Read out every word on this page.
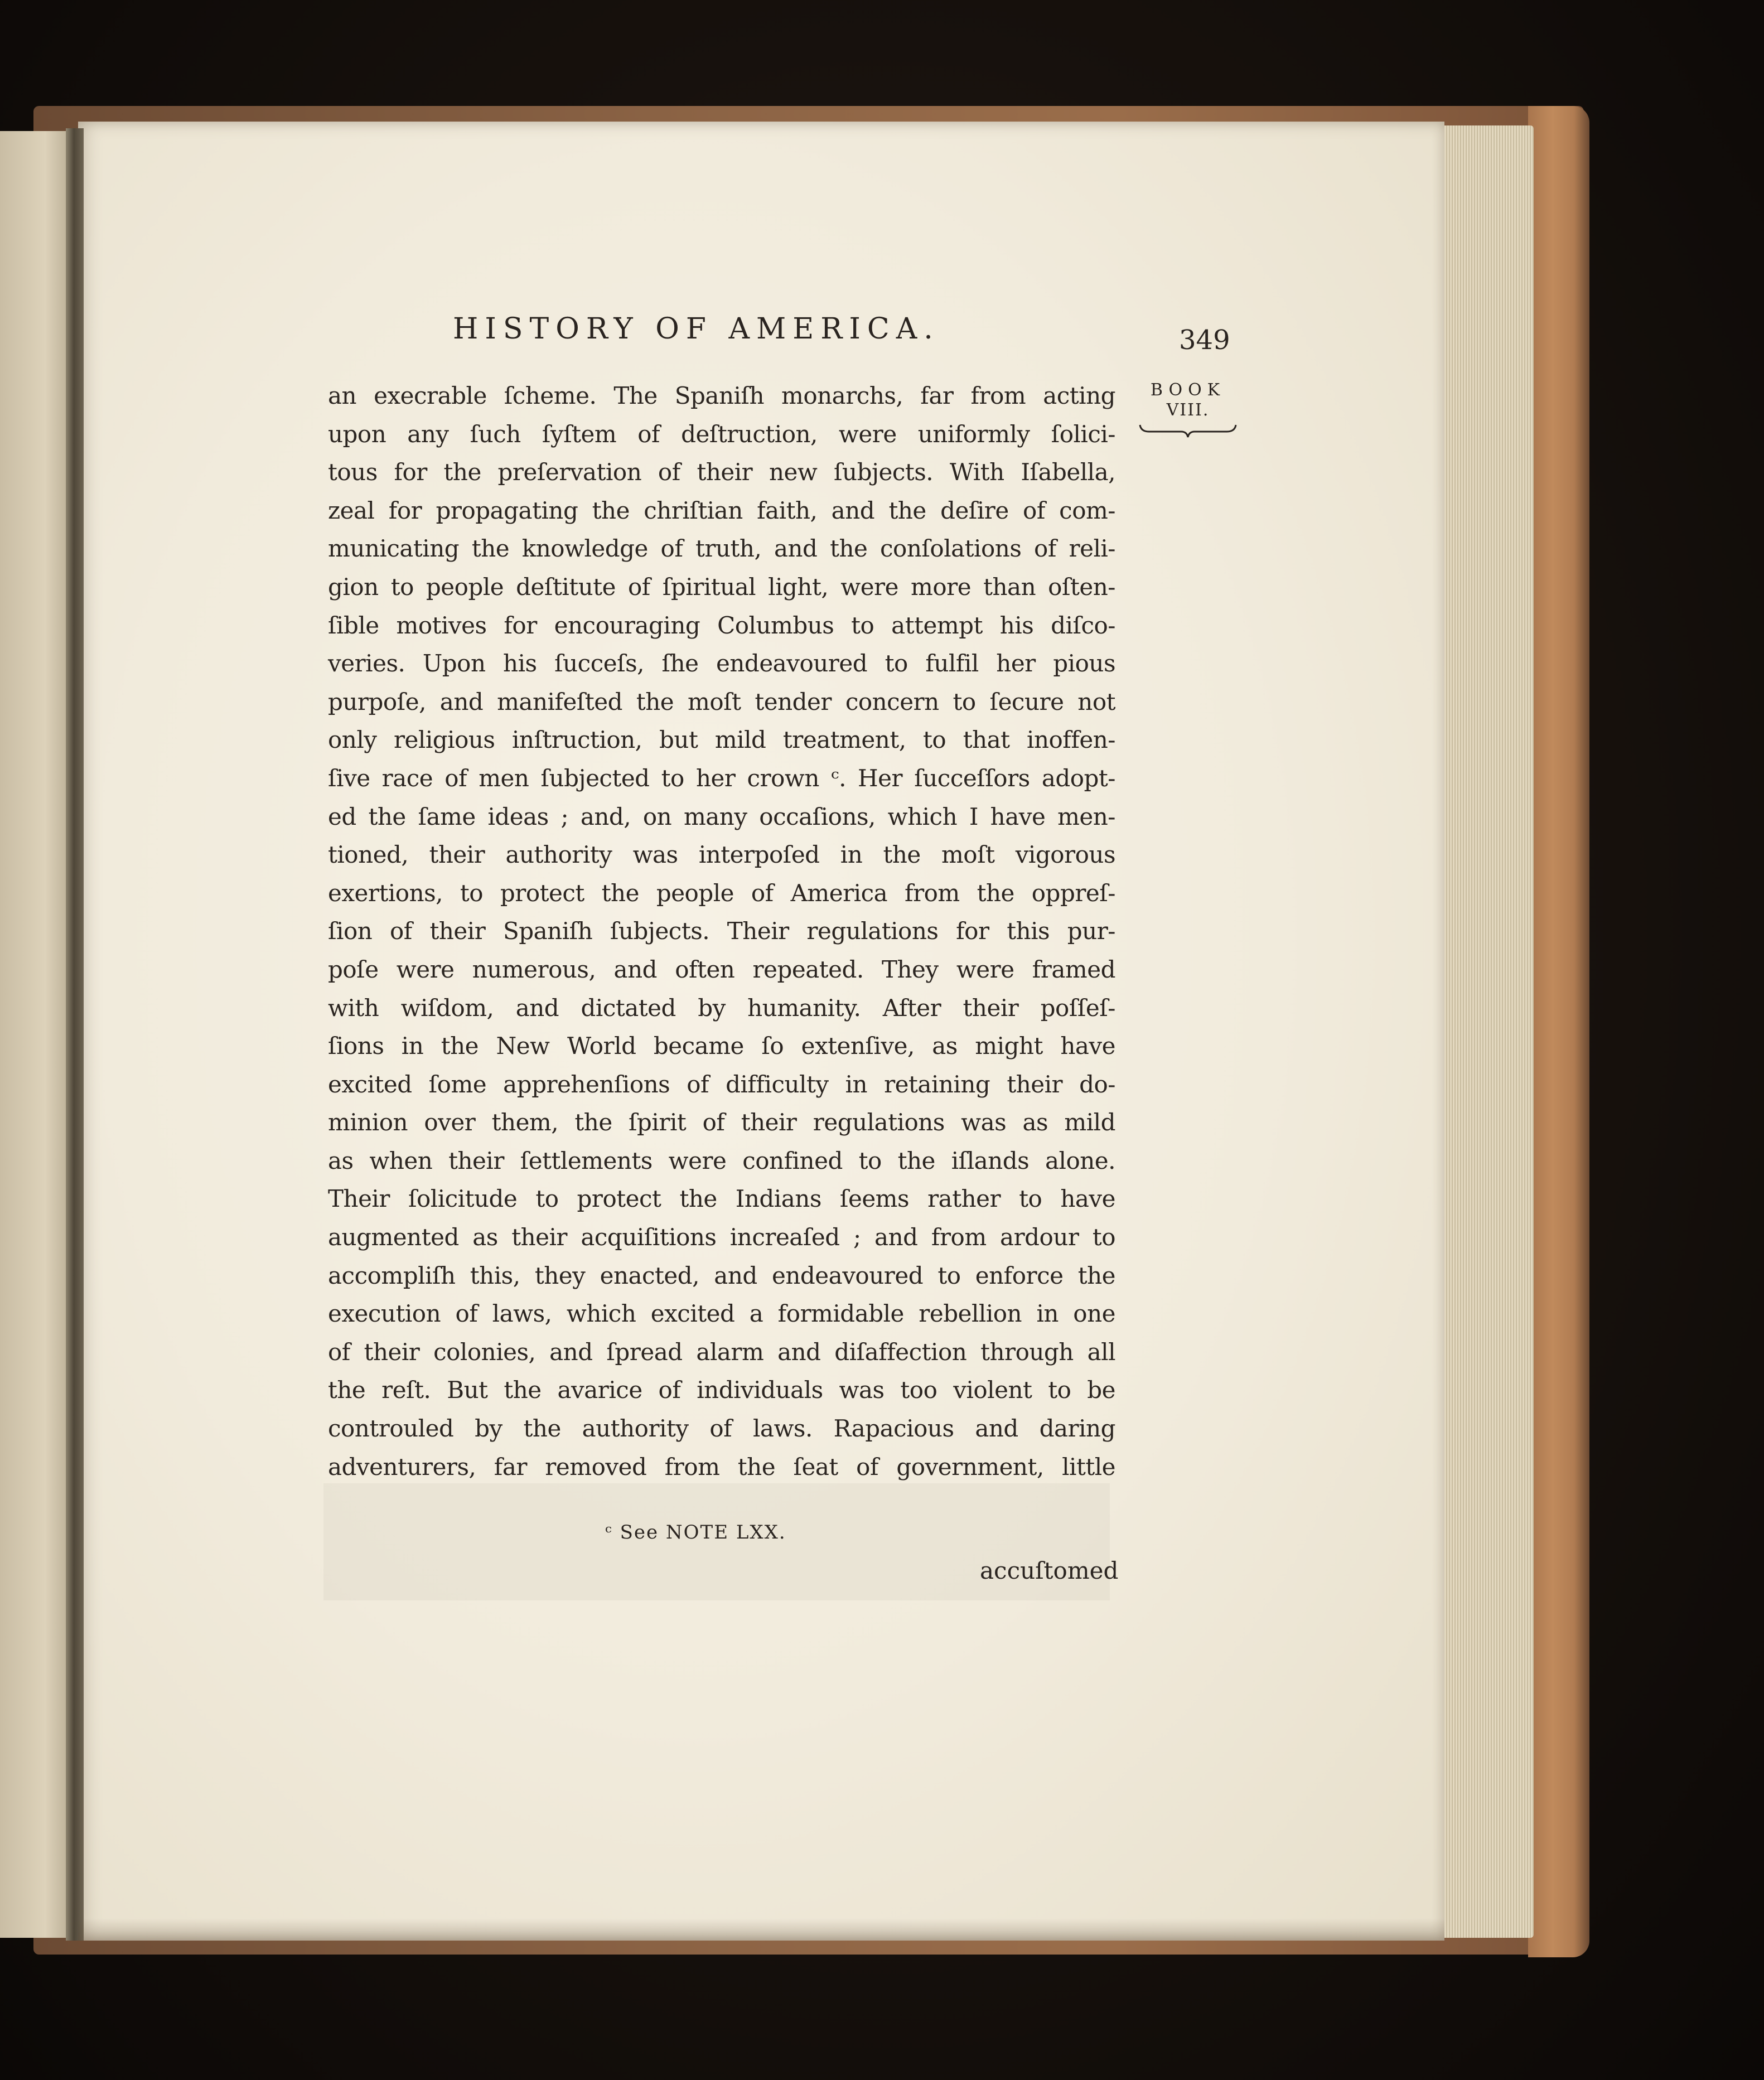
HISTORY OF AMERICA.	349
BOOK
VIII.
an execrable ſcheme. The Spaniſh monarchs, far from acting
upon any ſuch ſyſtem of deſtruction, were uniformly ſolici-
tous for the preſervation of their new ſubjects. With Iſabella,
zeal for propagating the chriſtian faith, and the deſire of com-
municating the knowledge of truth, and the conſolations of reli-
gion to people deſtitute of ſpiritual light, were more than oſten-
ſible motives for encouraging Columbus to attempt his diſco-
veries. Upon his ſucceſs, ſhe endeavoured to fulfil her pious
purpoſe, and manifeſted the moſt tender concern to ſecure not
only religious inſtruction, but mild treatment, to that inoffen-
ſive race of men ſubjected to her crown ᶜ. Her ſucceſſors adopt-
ed the ſame ideas ; and, on many occaſions, which I have men-
tioned, their authority was interpoſed in the moſt vigorous
exertions, to protect the people of America from the oppreſ-
ſion of their Spaniſh ſubjects. Their regulations for this pur-
poſe were numerous, and often repeated. They were framed
with wiſdom, and dictated by humanity. After their poſſeſ-
ſions in the New World became ſo extenſive, as might have
excited ſome apprehenſions of difficulty in retaining their do-
minion over them, the ſpirit of their regulations was as mild
as when their ſettlements were confined to the iſlands alone.
Their ſolicitude to protect the Indians ſeems rather to have
augmented as their acquiſitions increaſed ; and from ardour to
accompliſh this, they enacted, and endeavoured to enforce the
execution of laws, which excited a formidable rebellion in one
of their colonies, and ſpread alarm and diſaffection through all
the reſt. But the avarice of individuals was too violent to be
controuled by the authority of laws. Rapacious and daring
adventurers, far removed from the ſeat of government, little
ᶜ See NOTE LXX.
accuſtomed
